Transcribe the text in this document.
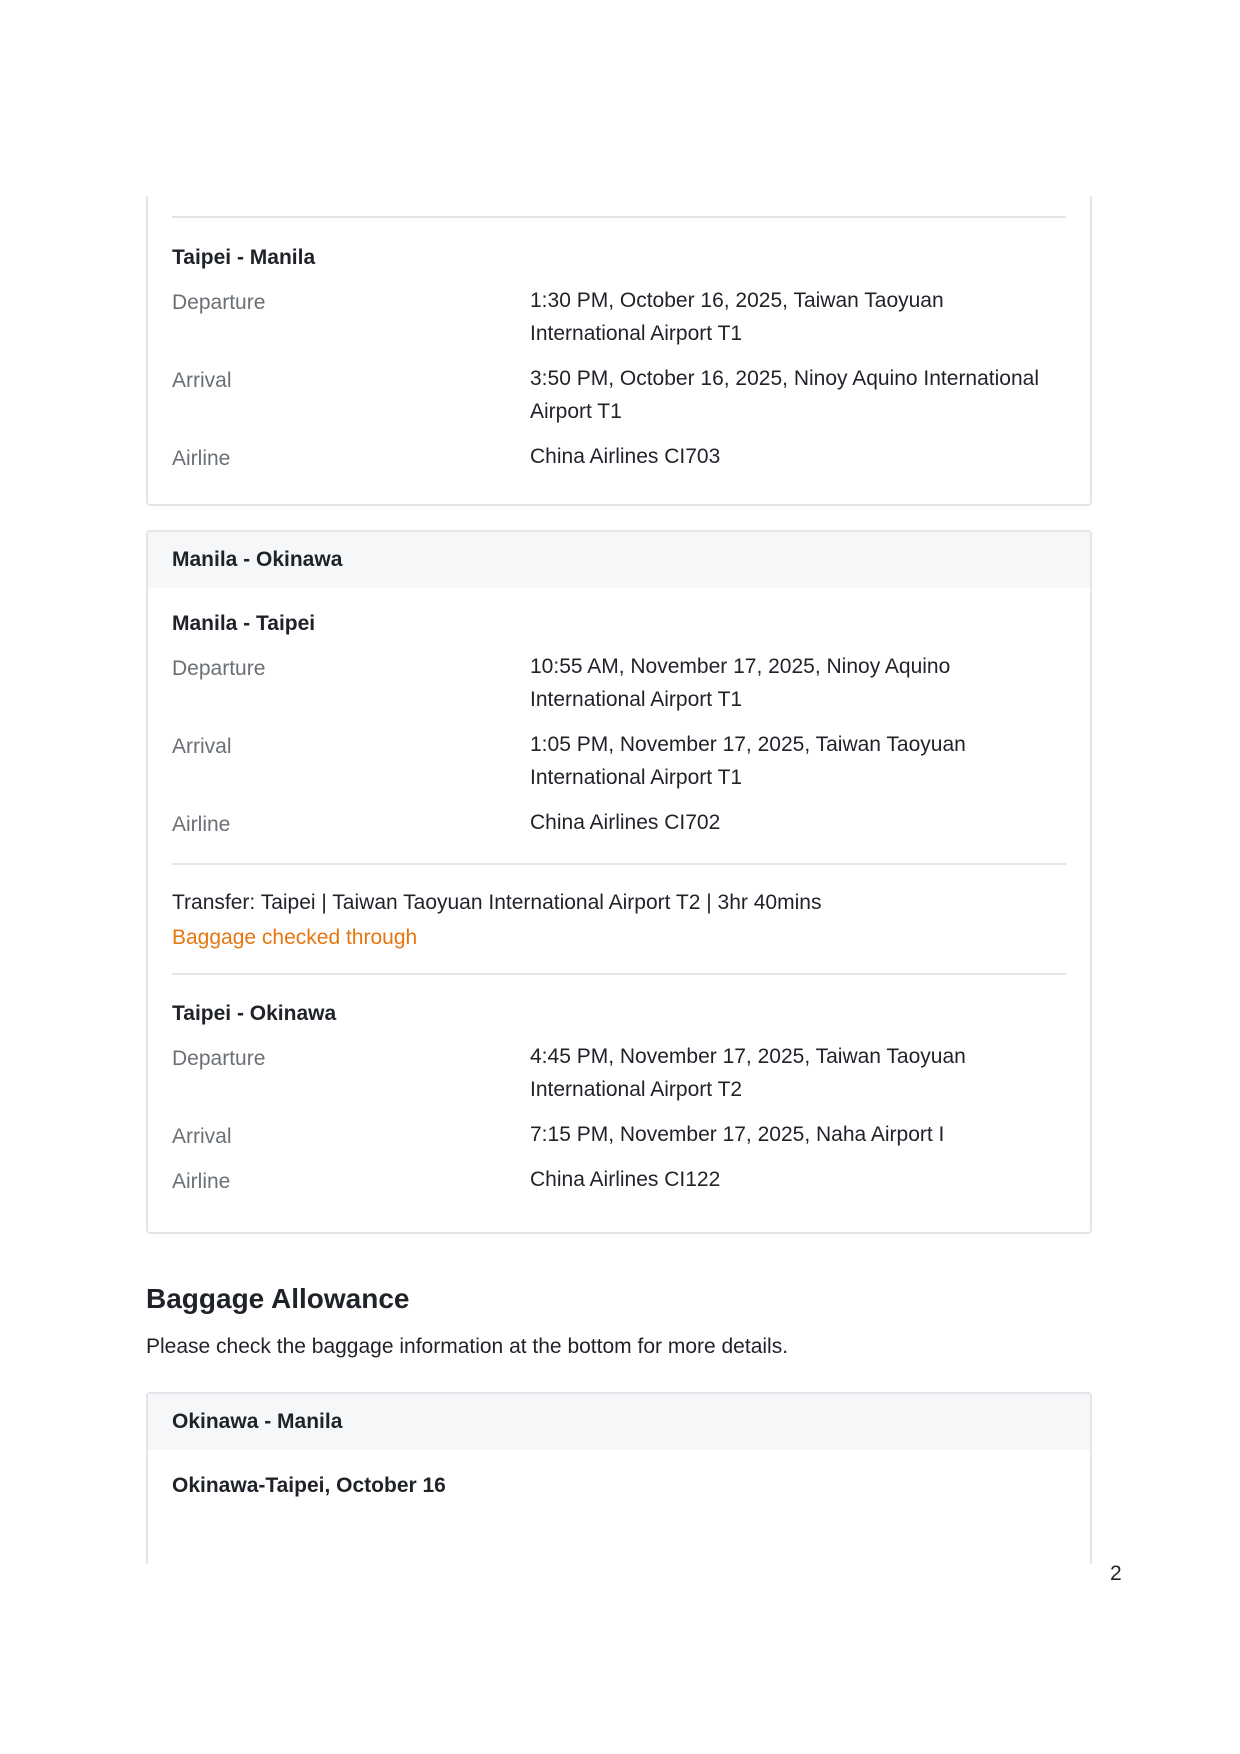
Taipei - Manila
Departure	1:30 PM, October 16, 2025, Taiwan Taoyuan International Airport T1
Arrival	3:50 PM, October 16, 2025, Ninoy Aquino International Airport T1
Airline	China Airlines CI703
Manila - Okinawa
Manila - Taipei
Departure	10:55 AM, November 17, 2025, Ninoy Aquino International Airport T1
Arrival	1:05 PM, November 17, 2025, Taiwan Taoyuan International Airport T1
Airline	China Airlines CI702
Transfer: Taipei | Taiwan Taoyuan International Airport T2 | 3hr 40mins
Baggage checked through
Taipei - Okinawa
Departure	4:45 PM, November 17, 2025, Taiwan Taoyuan International Airport T2
Arrival	7:15 PM, November 17, 2025, Naha Airport I
Airline	China Airlines CI122
Baggage Allowance
Please check the baggage information at the bottom for more details.
Okinawa - Manila
Okinawa-Taipei, October 16
2
